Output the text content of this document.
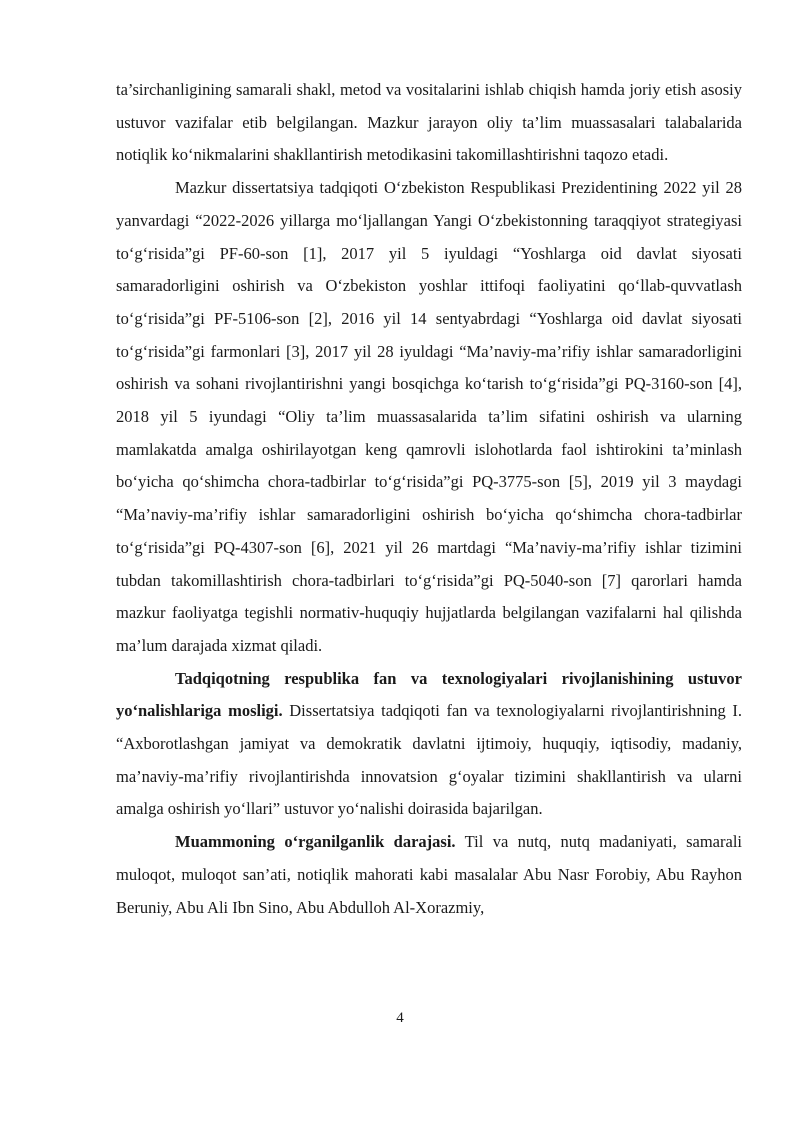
ta’sirchanligining samarali shakl, metod va vositalarini ishlab chiqish hamda joriy etish asosiy ustuvor vazifalar etib belgilangan. Mazkur jarayon oliy ta’lim muassasalari talabalarida notiqlik ko‘nikmalarini shakllantirish metodikasini takomillashtirishni taqozo etadi.

Mazkur dissertatsiya tadqiqoti O‘zbekiston Respublikasi Prezidentining 2022 yil 28 yanvardagi “2022-2026 yillarga mo‘ljallangan Yangi O‘zbekistonning taraqqiyot strategiyasi to‘g‘risida”gi PF-60-son [1], 2017 yil 5 iyuldagi “Yoshlarga oid davlat siyosati samaradorligini oshirish va O‘zbekiston yoshlar ittifoqi faoliyatini qo‘llab-quvvatlash to‘g‘risida”gi PF-5106-son [2], 2016 yil 14 sentyabrdagi “Yoshlarga oid davlat siyosati to‘g‘risida”gi farmonlari [3], 2017 yil 28 iyuldagi “Ma’naviy-ma’rifiy ishlar samaradorligini oshirish va sohani rivojlantirishni yangi bosqichga ko‘tarish to‘g‘risida”gi PQ-3160-son [4], 2018 yil 5 iyundagi “Oliy ta’lim muassasalarida ta’lim sifatini oshirish va ularning mamlakatda amalga oshirilayotgan keng qamrovli islohotlarda faol ishtirokini ta’minlash bo‘yicha qo‘shimcha chora-tadbirlar to‘g‘risida”gi PQ-3775-son [5], 2019 yil 3 maydagi “Ma’naviy-ma’rifiy ishlar samaradorligini oshirish bo‘yicha qo‘shimcha chora-tadbirlar to‘g‘risida”gi PQ-4307-son [6], 2021 yil 26 martdagi “Ma’naviy-ma’rifiy ishlar tizimini tubdan takomillashtirish chora-tadbirlari to‘g‘risida”gi PQ-5040-son [7] qarorlari hamda mazkur faoliyatga tegishli normativ-huquqiy hujjatlarda belgilangan vazifalarni hal qilishda ma’lum darajada xizmat qiladi.

Tadqiqotning respublika fan va texnologiyalari rivojlanishining ustuvor yo‘nalishlariga mosligi. Dissertatsiya tadqiqoti fan va texnologiyalarni rivojlantirishning I. “Axborotlashgan jamiyat va demokratik davlatni ijtimoiy, huquqiy, iqtisodiy, madaniy, ma’naviy-ma’rifiy rivojlantirishda innovatsion g‘oyalar tizimini shakllantirish va ularni amalga oshirish yo‘llari” ustuvor yo‘nalishi doirasida bajarilgan.

Muammoning o‘rganilganlik darajasi. Til va nutq, nutq madaniyati, samarali muloqot, muloqot san’ati, notiqlik mahorati kabi masalalar Abu Nasr Forobiy, Abu Rayhon Beruniy, Abu Ali Ibn Sino, Abu Abdulloh Al-Xorazmiy,

4
